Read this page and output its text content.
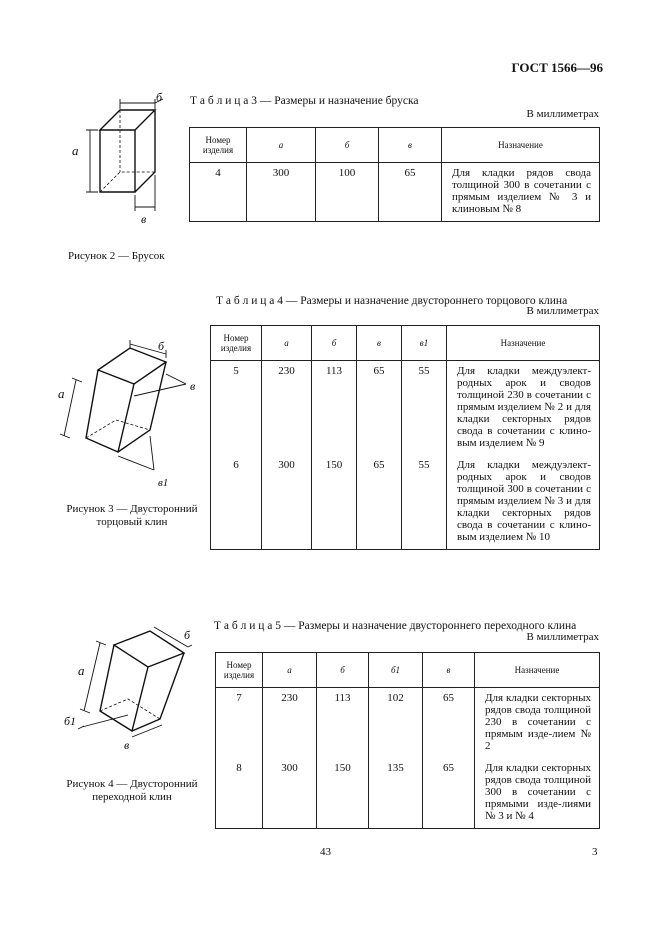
ГОСТ 1566—96
а
б
в
Рисунок 2 — Брусок
Т а б л и ц а 3 — Размеры и назначение бруска
В миллиметрах
Номер изделия	а	б	в	Назначение
4	300	100	65	Для кладки рядов свода толщиной 300 в сочетании с прямым изделием № 3 и клиновым № 8
а
б
в
в1
Рисунок 3 — Двусторонний
торцовый клин
Т а б л и ц а 4 — Размеры и назначение двустороннего торцового клина
В миллиметрах
Номер изделия	а	б	в	в1	Назначение
5	230	113	65	55	Для кладки междуэлект-родных арок и сводов толщиной 230 в сочетании с прямым изделием № 2 и для кладки секторных рядов свода в сочетании с клино-вым изделием № 9
6	300	150	65	55	Для кладки междуэлект-родных арок и сводов толщиной 300 в сочетании с прямым изделием № 3 и для кладки секторных рядов свода в сочетании с клино-вым изделием № 10
а
б
б1
в
Рисунок 4 — Двусторонний
переходной клин
Т а б л и ц а 5 — Размеры и назначение двустороннего переходного клина
В миллиметрах
Номер изделия	а	б	б1	в	Назначение
7	230	113	102	65	Для кладки секторных рядов свода толщиной 230 в сочетании с прямым изде-лием № 2
8	300	150	135	65	Для кладки секторных рядов свода толщиной 300 в сочетании с прямыми изде-лиями № 3 и № 4
43	3
